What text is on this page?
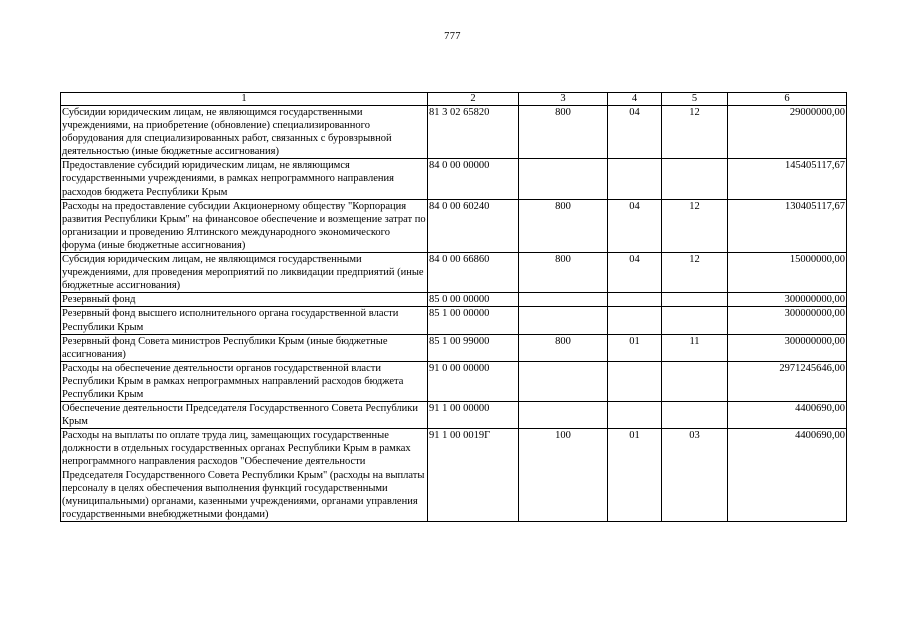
777
1	2	3	4	5	6
Субсидии юридическим лицам, не являющимся государственными учреждениями, на приобретение (обновление) специализированного оборудования для специализированных работ, связанных с буровзрывной деятельностью (иные бюджетные ассигнования)	81 3 02 65820	800	04	12	29000000,00
Предоставление субсидий юридическим лицам, не являющимся государственными учреждениями, в рамках непрограммного направления расходов бюджета Республики Крым	84 0 00 00000				145405117,67
Расходы на предоставление субсидии Акционерному обществу "Корпорация развития Республики Крым" на финансовое обеспечение и возмещение затрат по организации и проведению Ялтинского международного экономического форума (иные бюджетные ассигнования)	84 0 00 60240	800	04	12	130405117,67
Субсидия юридическим лицам, не являющимся государственными учреждениями, для проведения мероприятий по ликвидации предприятий (иные бюджетные ассигнования)	84 0 00 66860	800	04	12	15000000,00
Резервный фонд	85 0 00 00000				300000000,00
Резервный фонд высшего исполнительного органа государственной власти Республики Крым	85 1 00 00000				300000000,00
Резервный фонд Совета министров Республики Крым (иные бюджетные ассигнования)	85 1 00 99000	800	01	11	300000000,00
Расходы на обеспечение деятельности органов государственной власти Республики Крым в рамках непрограммных направлений расходов бюджета Республики Крым	91 0 00 00000				2971245646,00
Обеспечение деятельности Председателя Государственного Совета Республики Крым	91 1 00 00000				4400690,00
Расходы на выплаты по оплате труда лиц, замещающих государственные должности в отдельных государственных органах Республики Крым в рамках непрограммного направления расходов "Обеспечение деятельности Председателя Государственного Совета Республики Крым" (расходы на выплаты персоналу в целях обеспечения выполнения функций государственными (муниципальными) органами, казенными учреждениями, органами управления государственными внебюджетными фондами)	91 1 00 0019Г	100	01	03	4400690,00
